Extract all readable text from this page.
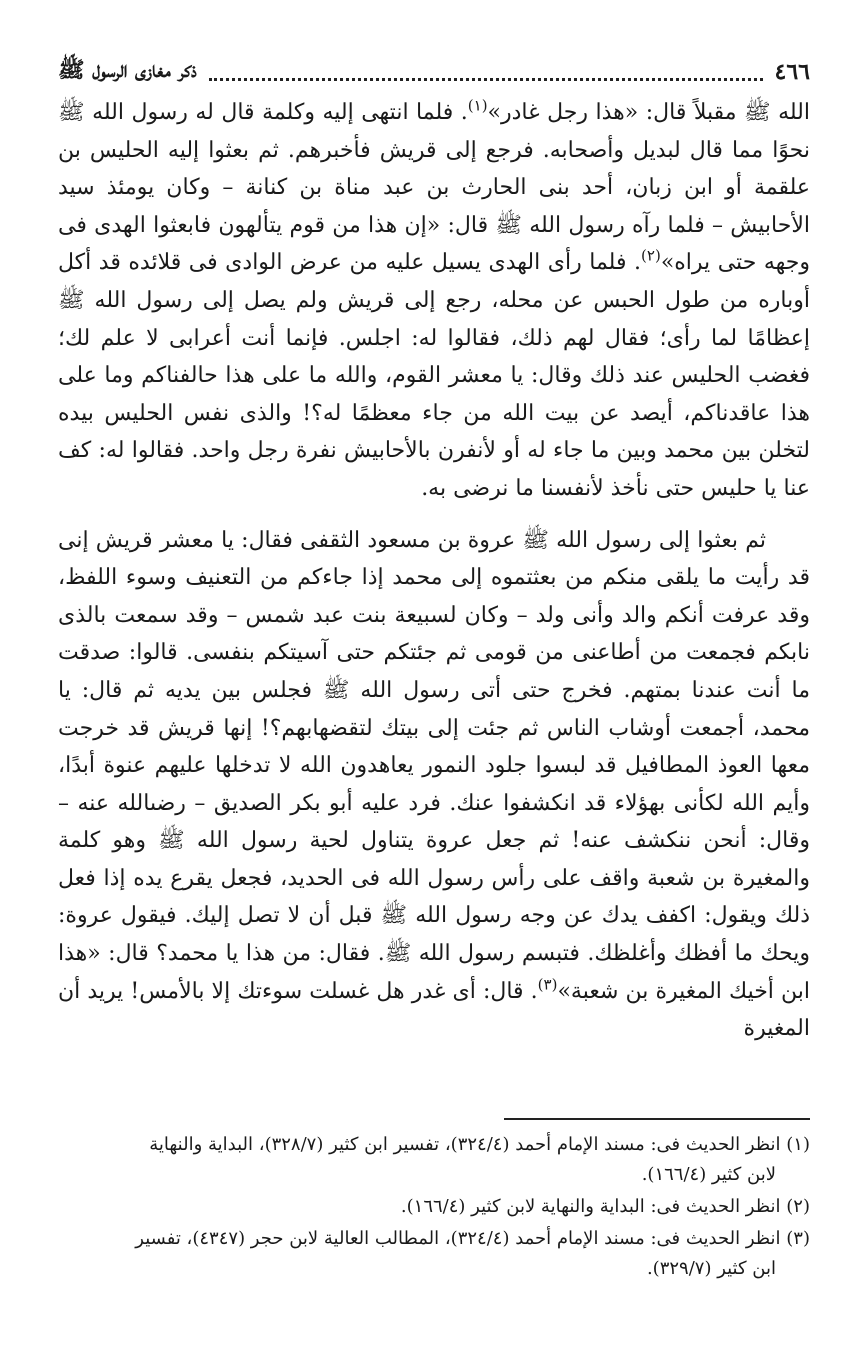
٤٦٦
ذكر مغازى الرسول ﷺ

الله ﷺ مقبلاً قال: «هذا رجل غادر»$^{(١)}$. فلما انتهى إليه وكلمة قال له رسول الله ﷺ نحوًا مما قال لبديل وأصحابه. فرجع إلى قريش فأخبرهم. ثم بعثوا إليه الحليس بن علقمة أو ابن زبان، أحد بنى الحارث بن عبد مناة بن كنانة – وكان يومئذ سيد الأحابيش – فلما رآه رسول الله ﷺ قال: «إن هذا من قوم يتألهون فابعثوا الهدى فى وجهه حتى يراه»$^{(٢)}$. فلما رأى الهدى يسيل عليه من عرض الوادى فى قلائده قد أكل أوباره من طول الحبس عن محله، رجع إلى قريش ولم يصل إلى رسول الله ﷺ إعظامًا لما رأى؛ فقال لهم ذلك، فقالوا له: اجلس. فإنما أنت أعرابى لا علم لك؛ فغضب الحليس عند ذلك وقال: يا معشر القوم، والله ما على هذا حالفناكم وما على هذا عاقدناكم، أيصد عن بيت الله من جاء معظمًا له؟! والذى نفس الحليس بيده لتخلن بين محمد وبين ما جاء له أو لأنفرن بالأحابيش نفرة رجل واحد. فقالوا له: كف عنا يا حليس حتى نأخذ لأنفسنا ما نرضى به.

ثم بعثوا إلى رسول الله ﷺ عروة بن مسعود الثقفى فقال: يا معشر قريش إنى قد رأيت ما يلقى منكم من بعثتموه إلى محمد إذا جاءكم من التعنيف وسوء اللفظ، وقد عرفت أنكم والد وأنى ولد – وكان لسبيعة بنت عبد شمس – وقد سمعت بالذى نابكم فجمعت من أطاعنى من قومى ثم جئتكم حتى آسيتكم بنفسى. قالوا: صدقت ما أنت عندنا بمتهم. فخرج حتى أتى رسول الله ﷺ فجلس بين يديه ثم قال: يا محمد، أجمعت أوشاب الناس ثم جئت إلى بيتك لتقضهابهم؟! إنها قريش قد خرجت معها العوذ المطافيل قد لبسوا جلود النمور يعاهدون الله لا تدخلها عليهم عنوة أبدًا، وأيم الله لكأنى بهؤلاء قد انكشفوا عنك. فرد عليه أبو بكر الصديق – رضىالله عنه – وقال: أنحن ننكشف عنه! ثم جعل عروة يتناول لحية رسول الله ﷺ وهو كلمة والمغيرة بن شعبة واقف على رأس رسول الله فى الحديد، فجعل يقرع يده إذا فعل ذلك ويقول: اكفف يدك عن وجه رسول الله ﷺ قبل أن لا تصل إليك. فيقول عروة: ويحك ما أفظك وأغلظك. فتبسم رسول الله ﷺ. فقال: من هذا يا محمد؟ قال: «هذا ابن أخيك المغيرة بن شعبة»$^{(٣)}$. قال: أى غدر هل غسلت سوءتك إلا بالأمس! يريد أن المغيرة

(١) انظر الحديث فى: مسند الإمام أحمد (٣٢٤/٤)، تفسير ابن كثير (٣٢٨/٧)، البداية والنهاية
لابن كثير (١٦٦/٤).

(٢) انظر الحديث فى: البداية والنهاية لابن كثير (١٦٦/٤).

(٣) انظر الحديث فى: مسند الإمام أحمد (٣٢٤/٤)، المطالب العالية لابن حجر (٤٣٤٧)، تفسير
ابن كثير (٣٢٩/٧).
